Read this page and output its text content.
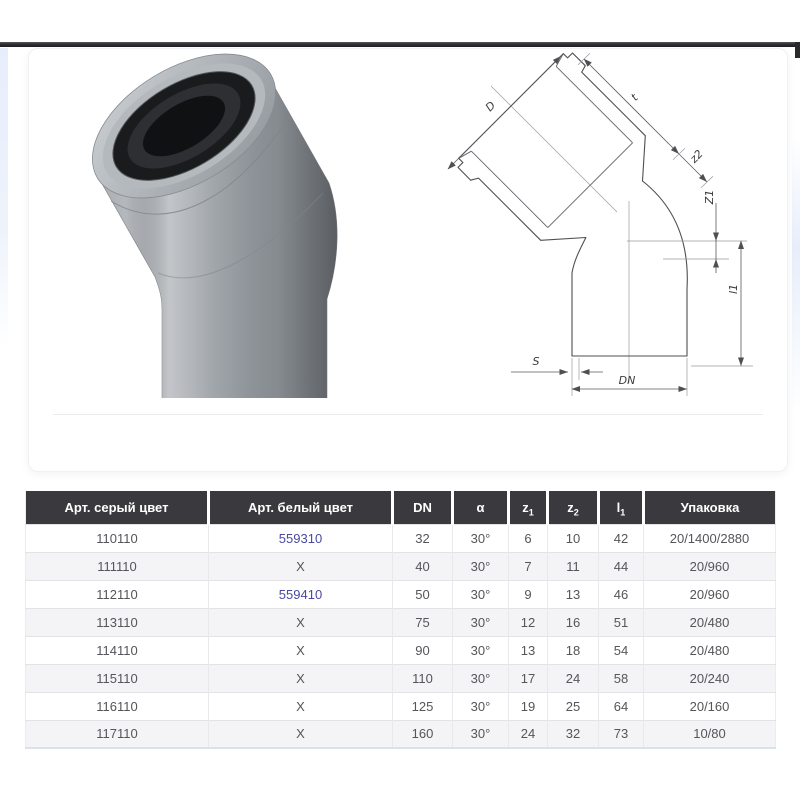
D
t
z2
Z1
l1
S
DN
Арт. серый цвет	Арт. белый цвет	DN	α	$z_1$	$z_2$	$l_1$	Упаковка
110110	559310	32	30°	6	10	42	20/1400/2880
111110	X	40	30°	7	11	44	20/960
112110	559410	50	30°	9	13	46	20/960
113110	X	75	30°	12	16	51	20/480
114110	X	90	30°	13	18	54	20/480
115110	X	110	30°	17	24	58	20/240
116110	X	125	30°	19	25	64	20/160
117110	X	160	30°	24	32	73	10/80
